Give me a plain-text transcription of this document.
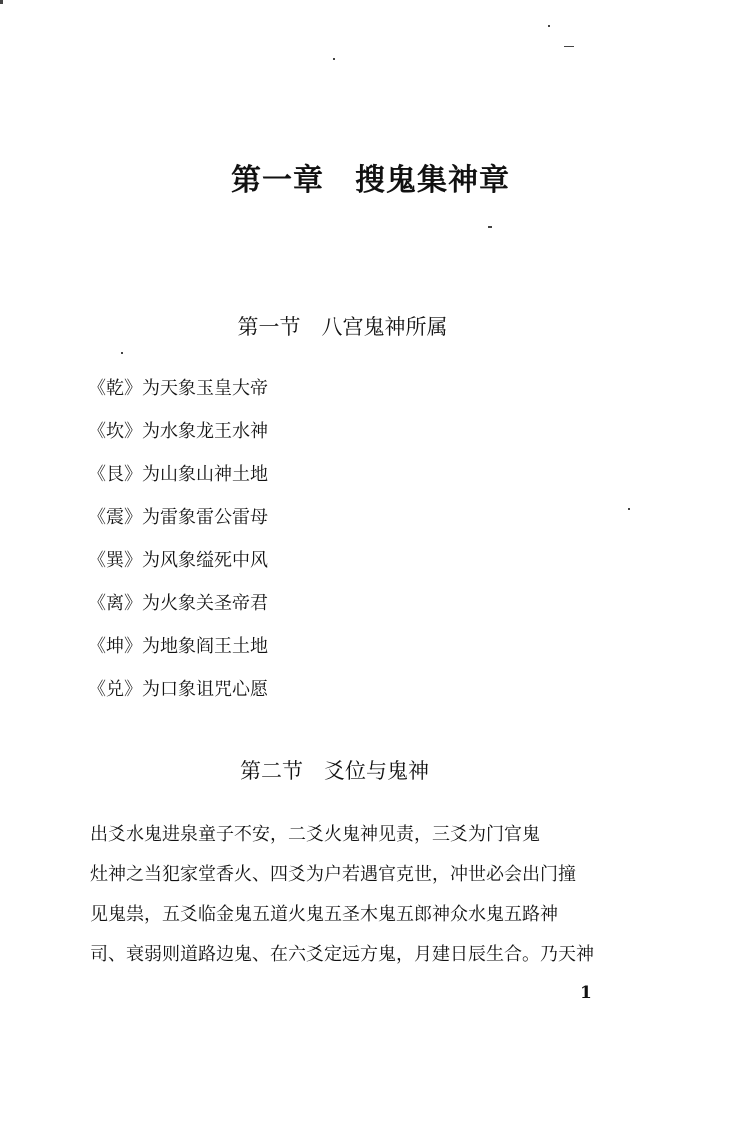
第一章　搜鬼集神章
第一节　八宫鬼神所属
《乾》为天象玉皇大帝
《坎》为水象龙王水神
《艮》为山象山神土地
《震》为雷象雷公雷母
《巽》为风象缢死中风
《离》为火象关圣帝君
《坤》为地象阎王土地
《兑》为口象诅咒心愿
第二节　爻位与鬼神
出爻水鬼进泉童子不安，二爻火鬼神见责，三爻为门官鬼
灶神之当犯家堂香火、四爻为户若遇官克世，冲世必会出门撞
见鬼祟，五爻临金鬼五道火鬼五圣木鬼五郎神众水鬼五路神
司、衰弱则道路边鬼、在六爻定远方鬼，月建日辰生合。乃天神
1
